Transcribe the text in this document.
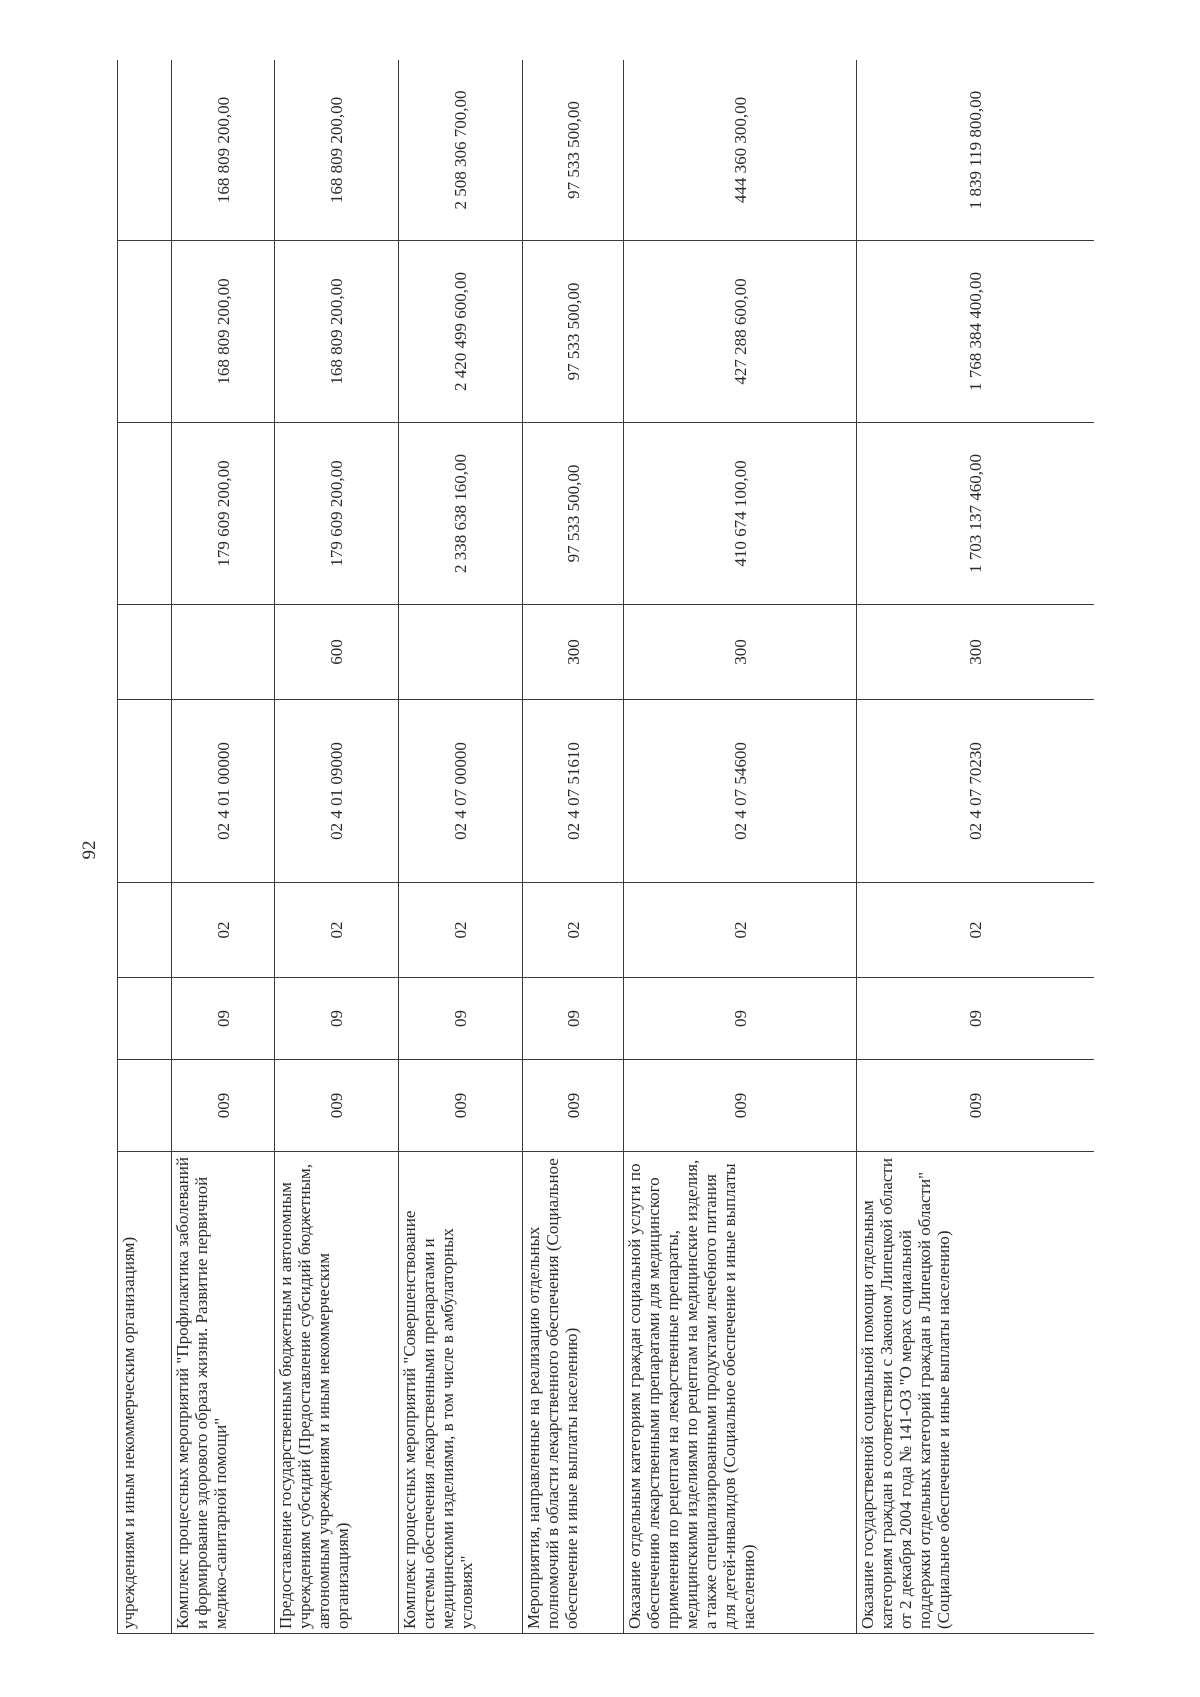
92
учреждениям и иным некоммерческим организациям)								
Комплекс процессных мероприятий "Профилактика заболеваний и формирование здорового образа жизни. Развитие первичной медико-санитарной помощи"	009	09	02	02 4 01 00000		179 609 200,00	168 809 200,00	168 809 200,00
Предоставление государственным бюджетным и автономным учреждениям субсидий (Предоставление субсидий бюджетным, автономным учреждениям и иным некоммерческим организациям)	009	09	02	02 4 01 09000	600	179 609 200,00	168 809 200,00	168 809 200,00
Комплекс процессных мероприятий "Совершенствование системы обеспечения лекарственными препаратами и медицинскими изделиями, в том числе в амбулаторных условиях"	009	09	02	02 4 07 00000		2 338 638 160,00	2 420 499 600,00	2 508 306 700,00
Мероприятия, направленные на реализацию отдельных полномочий в области лекарственного обеспечения (Социальное обеспечение и иные выплаты населению)	009	09	02	02 4 07 51610	300	97 533 500,00	97 533 500,00	97 533 500,00
Оказание отдельным категориям граждан социальной услуги по обеспечению лекарственными препаратами для медицинского применения по рецептам на лекарственные препараты, медицинскими изделиями по рецептам на медицинские изделия, а также специализированными продуктами лечебного питания для детей-инвалидов (Социальное обеспечение и иные выплаты населению)	009	09	02	02 4 07 54600	300	410 674 100,00	427 288 600,00	444 360 300,00
Оказание государственной социальной помощи отдельным категориям граждан в соответствии с Законом Липецкой области от 2 декабря 2004 года № 141-ОЗ "О мерах социальной поддержки отдельных категорий граждан в Липецкой области" (Социальное обеспечение и иные выплаты населению)	009	09	02	02 4 07 70230	300	1 703 137 460,00	1 768 384 400,00	1 839 119 800,00
